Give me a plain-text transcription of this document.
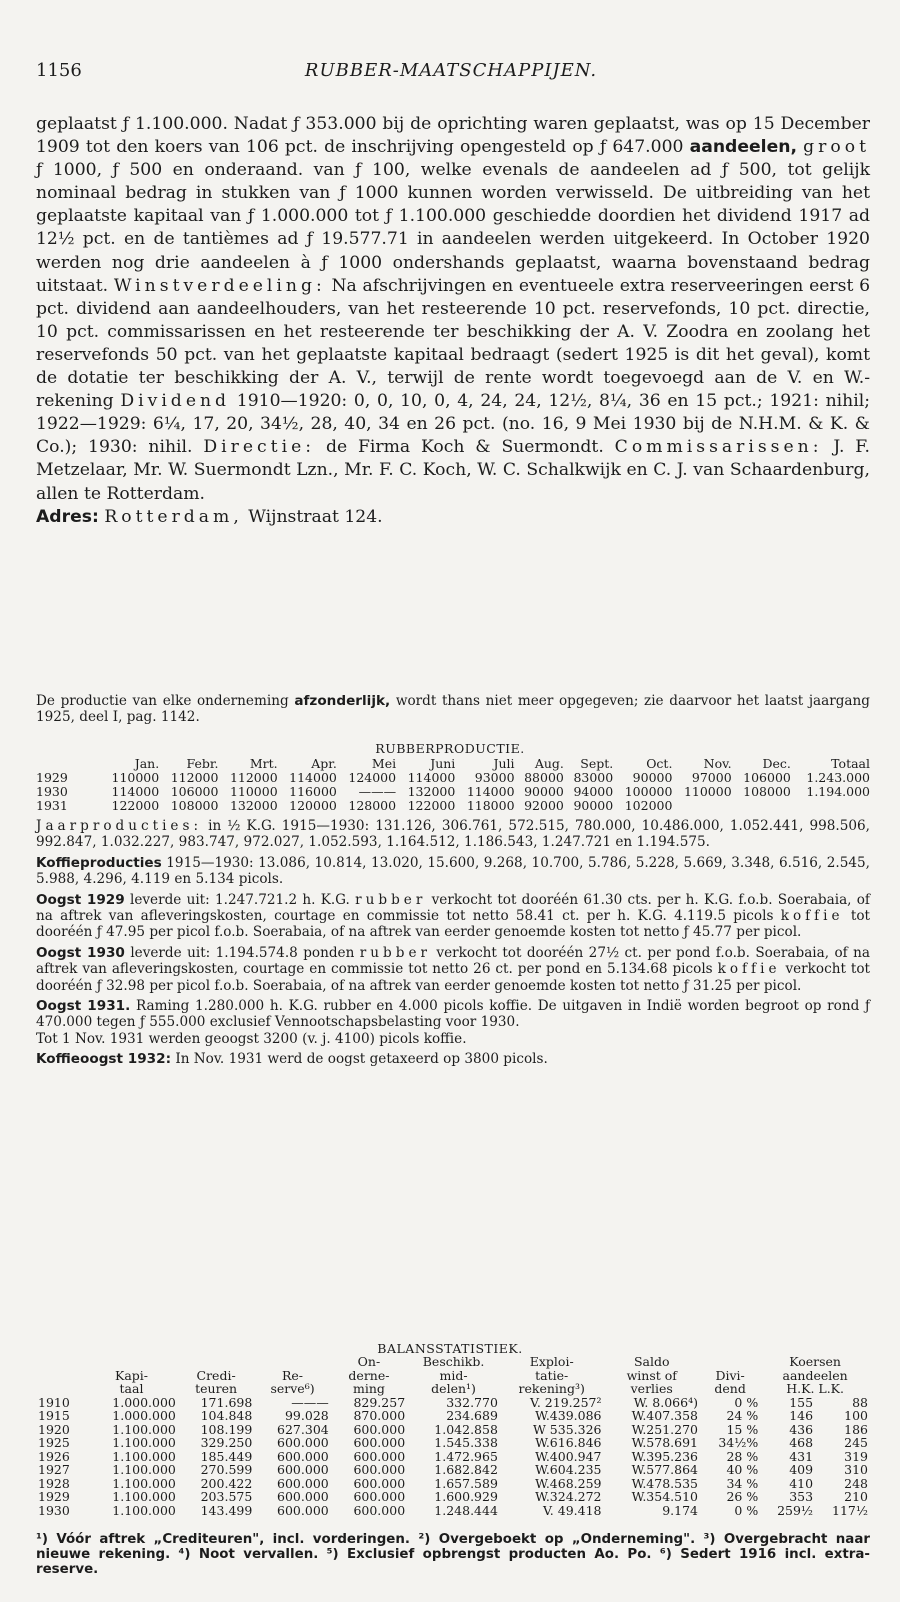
1156	RUBBER-MAATSCHAPPIJEN.

geplaatst ƒ 1.100.000. Nadat ƒ 353.000 bij de oprichting waren geplaatst, was op 15 December 1909 tot den koers van 106 pct. de inschrijving opengesteld op ƒ 647.000 aandeelen, groot ƒ 1000, ƒ 500 en onderaand. van ƒ 100, welke evenals de aandeelen ad ƒ 500, tot gelijk nominaal bedrag in stukken van ƒ 1000 kunnen worden verwisseld. De uitbreiding van het geplaatste kapitaal van ƒ 1.000.000 tot ƒ 1.100.000 geschiedde doordien het dividend 1917 ad 12½ pct. en de tantièmes ad ƒ 19.577.71 in aandeelen werden uitgekeerd. In October 1920 werden nog drie aandeelen à ƒ 1000 ondershands geplaatst, waarna bovenstaand bedrag uitstaat. Winstverdeeling: Na afschrijvingen en eventueele extra reserveeringen eerst 6 pct. dividend aan aandeelhouders, van het resteerende 10 pct. reservefonds, 10 pct. directie, 10 pct. commissarissen en het resteerende ter beschikking der A. V. Zoodra en zoolang het reservefonds 50 pct. van het geplaatste kapitaal bedraagt (sedert 1925 is dit het geval), komt de dotatie ter beschikking der A. V., terwijl de rente wordt toegevoegd aan de V. en W.-rekening Dividend 1910—1920: 0, 0, 10, 0, 4, 24, 24, 12½, 8¼, 36 en 15 pct.; 1921: nihil; 1922—1929: 6¼, 17, 20, 34½, 28, 40, 34 en 26 pct. (no. 16, 9 Mei 1930 bij de N.H.M. & K. & Co.); 1930: nihil. Directie: de Firma Koch & Suermondt. Commissarissen: J. F. Metzelaar, Mr. W. Suermondt Lzn., Mr. F. C. Koch, W. C. Schalkwijk en C. J. van Schaardenburg, allen te Rotterdam.

Adres: Rotterdam, Wijnstraat 124.

De productie van elke onderneming afzonderlijk, wordt thans niet meer opgegeven; zie daarvoor het laatst jaargang 1925, deel I, pag. 1142.
RUBBERPRODUCTIE.
	Jan.	Febr.	Mrt.	Apr.	Mei	Juni	Juli	Aug.	Sept.	Oct.	Nov.	Dec.	Totaal
1929	110000	112000	112000	114000	124000	114000	93000	88000	83000	90000	97000	106000	1.243.000
1930	114000	106000	110000	116000	———	132000	114000	90000	94000	100000	110000	108000	1.194.000
1931	122000	108000	132000	120000	128000	122000	118000	92000	90000	102000			

Jaarproducties: in ½ K.G. 1915—1930: 131.126, 306.761, 572.515, 780.000, 10.486.000, 1.052.441, 998.506, 992.847, 1.032.227, 983.747, 972.027, 1.052.593, 1.164.512, 1.186.543, 1.247.721 en 1.194.575.

Koffieproducties 1915—1930: 13.086, 10.814, 13.020, 15.600, 9.268, 10.700, 5.786, 5.228, 5.669, 3.348, 6.516, 2.545, 5.988, 4.296, 4.119 en 5.134 picols.

Oogst 1929 leverde uit: 1.247.721.2 h. K.G. rubber verkocht tot dooréén 61.30 cts. per h. K.G. f.o.b. Soerabaia, of na aftrek van afleveringskosten, courtage en commissie tot netto 58.41 ct. per h. K.G. 4.119.5 picols koffie tot dooréén ƒ 47.95 per picol f.o.b. Soerabaia, of na aftrek van eerder genoemde kosten tot netto ƒ 45.77 per picol.

Oogst 1930 leverde uit: 1.194.574.8 ponden rubber verkocht tot dooréén 27½ ct. per pond f.o.b. Soerabaia, of na aftrek van afleveringskosten, courtage en commissie tot netto 26 ct. per pond en 5.134.68 picols koffie verkocht tot dooréén ƒ 32.98 per picol f.o.b. Soerabaia, of na aftrek van eerder genoemde kosten tot netto ƒ 31.25 per picol.

Oogst 1931. Raming 1.280.000 h. K.G. rubber en 4.000 picols koffie. De uitgaven in Indië worden begroot op rond ƒ 470.000 tegen ƒ 555.000 exclusief Vennootschapsbelasting voor 1930.
Tot 1 Nov. 1931 werden geoogst 3200 (v. j. 4100) picols koffie.

Koffieoogst 1932: In Nov. 1931 werd de oogst getaxeerd op 3800 picols.

BALANSSTATISTIEK.
				On-	Beschikb.	Exploi-	Saldo		Koersen	
	Kapi-	Credi-	Re-	derne-	mid-	tatie-	winst of	Divi-	aandeelen	
	taal	teuren	serve⁶)	ming	delen¹)	rekening³)	verlies	dend	H.K. L.K.	
1910	1.000.000	171.698	———	829.257	332.770	V. 219.257²	W. 8.066⁴)	0 %	155	88
1915	1.000.000	104.848	99.028	870.000	234.689	W.439.086	W.407.358	24 %	146	100
1920	1.100.000	108.199	627.304	600.000	1.042.858	W 535.326	W.251.270	15 %	436	186
1925	1.100.000	329.250	600.000	600.000	1.545.338	W.616.846	W.578.691	34½%	468	245
1926	1.100.000	185.449	600.000	600.000	1.472.965	W.400.947	W.395.236	28 %	431	319
1927	1.100.000	270.599	600.000	600.000	1.682.842	W.604.235	W.577.864	40 %	409	310
1928	1.100.000	200.422	600.000	600.000	1.657.589	W.468.259	W.478.535	34 %	410	248
1929	1.100.000	203.575	600.000	600.000	1.600.929	W.324.272	W.354.510	26 %	353	210
1930	1.100.000	143.499	600.000	600.000	1.248.444	V. 49.418	9.174	0 %	259½	117½
¹) Vóór aftrek „Crediteuren", incl. vorderingen. ²) Overgeboekt op „Onderneming". ³) Overgebracht naar nieuwe rekening. ⁴) Noot vervallen. ⁵) Exclusief opbrengst producten Ao. Po. ⁶) Sedert 1916 incl. extra-reserve.
